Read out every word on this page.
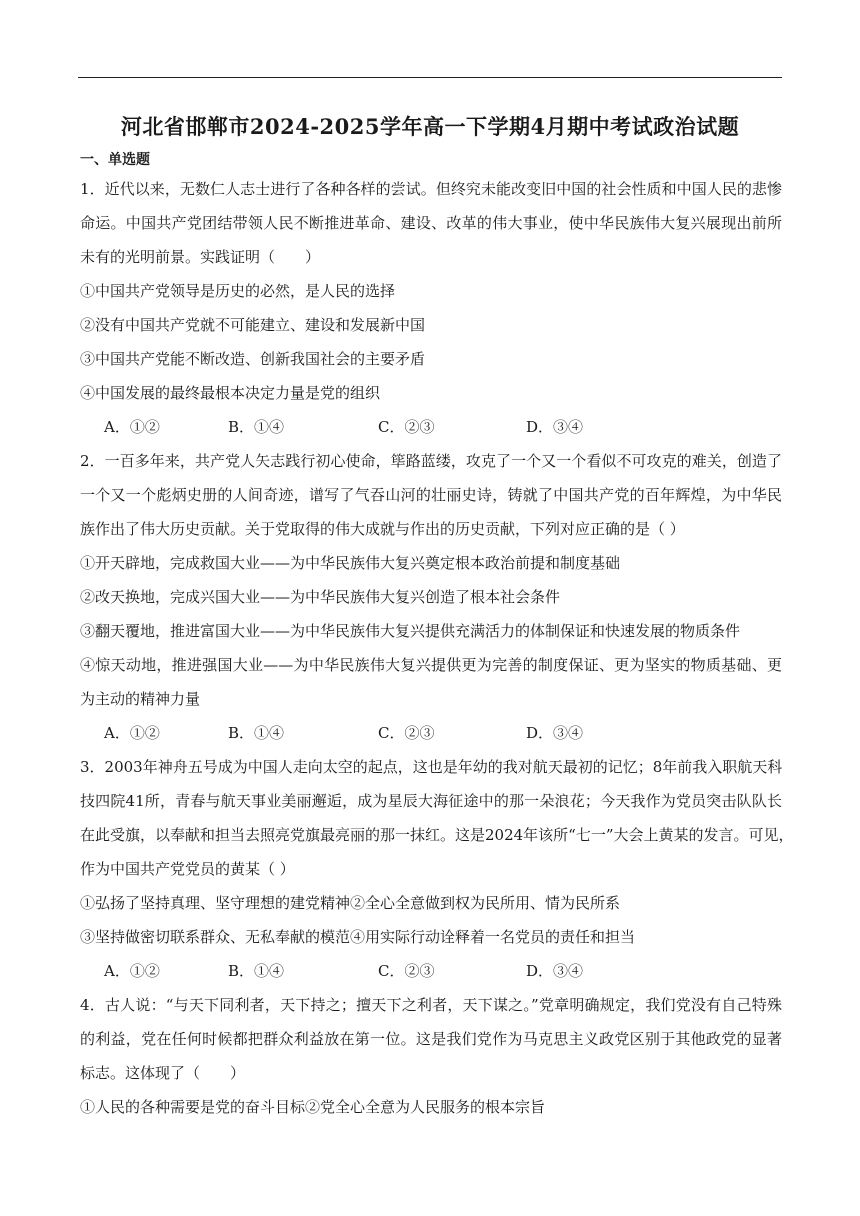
河北省邯郸市2024-2025学年高一下学期4月期中考试政治试题
一、单选题
1．近代以来，无数仁人志士进行了各种各样的尝试。但终究未能改变旧中国的社会性质和中国人民的悲惨
命运。中国共产党团结带领人民不断推进革命、建设、改革的伟大事业，使中华民族伟大复兴展现出前所
未有的光明前景。实践证明（　　）
①中国共产党领导是历史的必然，是人民的选择
②没有中国共产党就不可能建立、建设和发展新中国
③中国共产党能不断改造、创新我国社会的主要矛盾
④中国发展的最终最根本决定力量是党的组织
A．①②	B．①④	C．②③	D．③④
2．一百多年来，共产党人矢志践行初心使命，筚路蓝缕，攻克了一个又一个看似不可攻克的难关，创造了
一个又一个彪炳史册的人间奇迹，谱写了气吞山河的壮丽史诗，铸就了中国共产党的百年辉煌，为中华民
族作出了伟大历史贡献。关于党取得的伟大成就与作出的历史贡献，下列对应正确的是（ ）
①开天辟地，完成救国大业——为中华民族伟大复兴奠定根本政治前提和制度基础
②改天换地，完成兴国大业——为中华民族伟大复兴创造了根本社会条件
③翻天覆地，推进富国大业——为中华民族伟大复兴提供充满活力的体制保证和快速发展的物质条件
④惊天动地，推进强国大业——为中华民族伟大复兴提供更为完善的制度保证、更为坚实的物质基础、更
为主动的精神力量
A．①②	B．①④	C．②③	D．③④
3．2003年神舟五号成为中国人走向太空的起点，这也是年幼的我对航天最初的记忆；8年前我入职航天科
技四院41所，青春与航天事业美丽邂逅，成为星辰大海征途中的那一朵浪花；今天我作为党员突击队队长
在此受旗，以奉献和担当去照亮党旗最亮丽的那一抹红。这是2024年该所“七一”大会上黄某的发言。可见，
作为中国共产党党员的黄某（ ）
①弘扬了坚持真理、坚守理想的建党精神②全心全意做到权为民所用、情为民所系
③坚持做密切联系群众、无私奉献的模范④用实际行动诠释着一名党员的责任和担当
A．①②	B．①④	C．②③	D．③④
4．古人说：“与天下同利者，天下持之；擅天下之利者，天下谋之。”党章明确规定，我们党没有自己特殊
的利益，党在任何时候都把群众利益放在第一位。这是我们党作为马克思主义政党区别于其他政党的显著
标志。这体现了（　　）
①人民的各种需要是党的奋斗目标②党全心全意为人民服务的根本宗旨
